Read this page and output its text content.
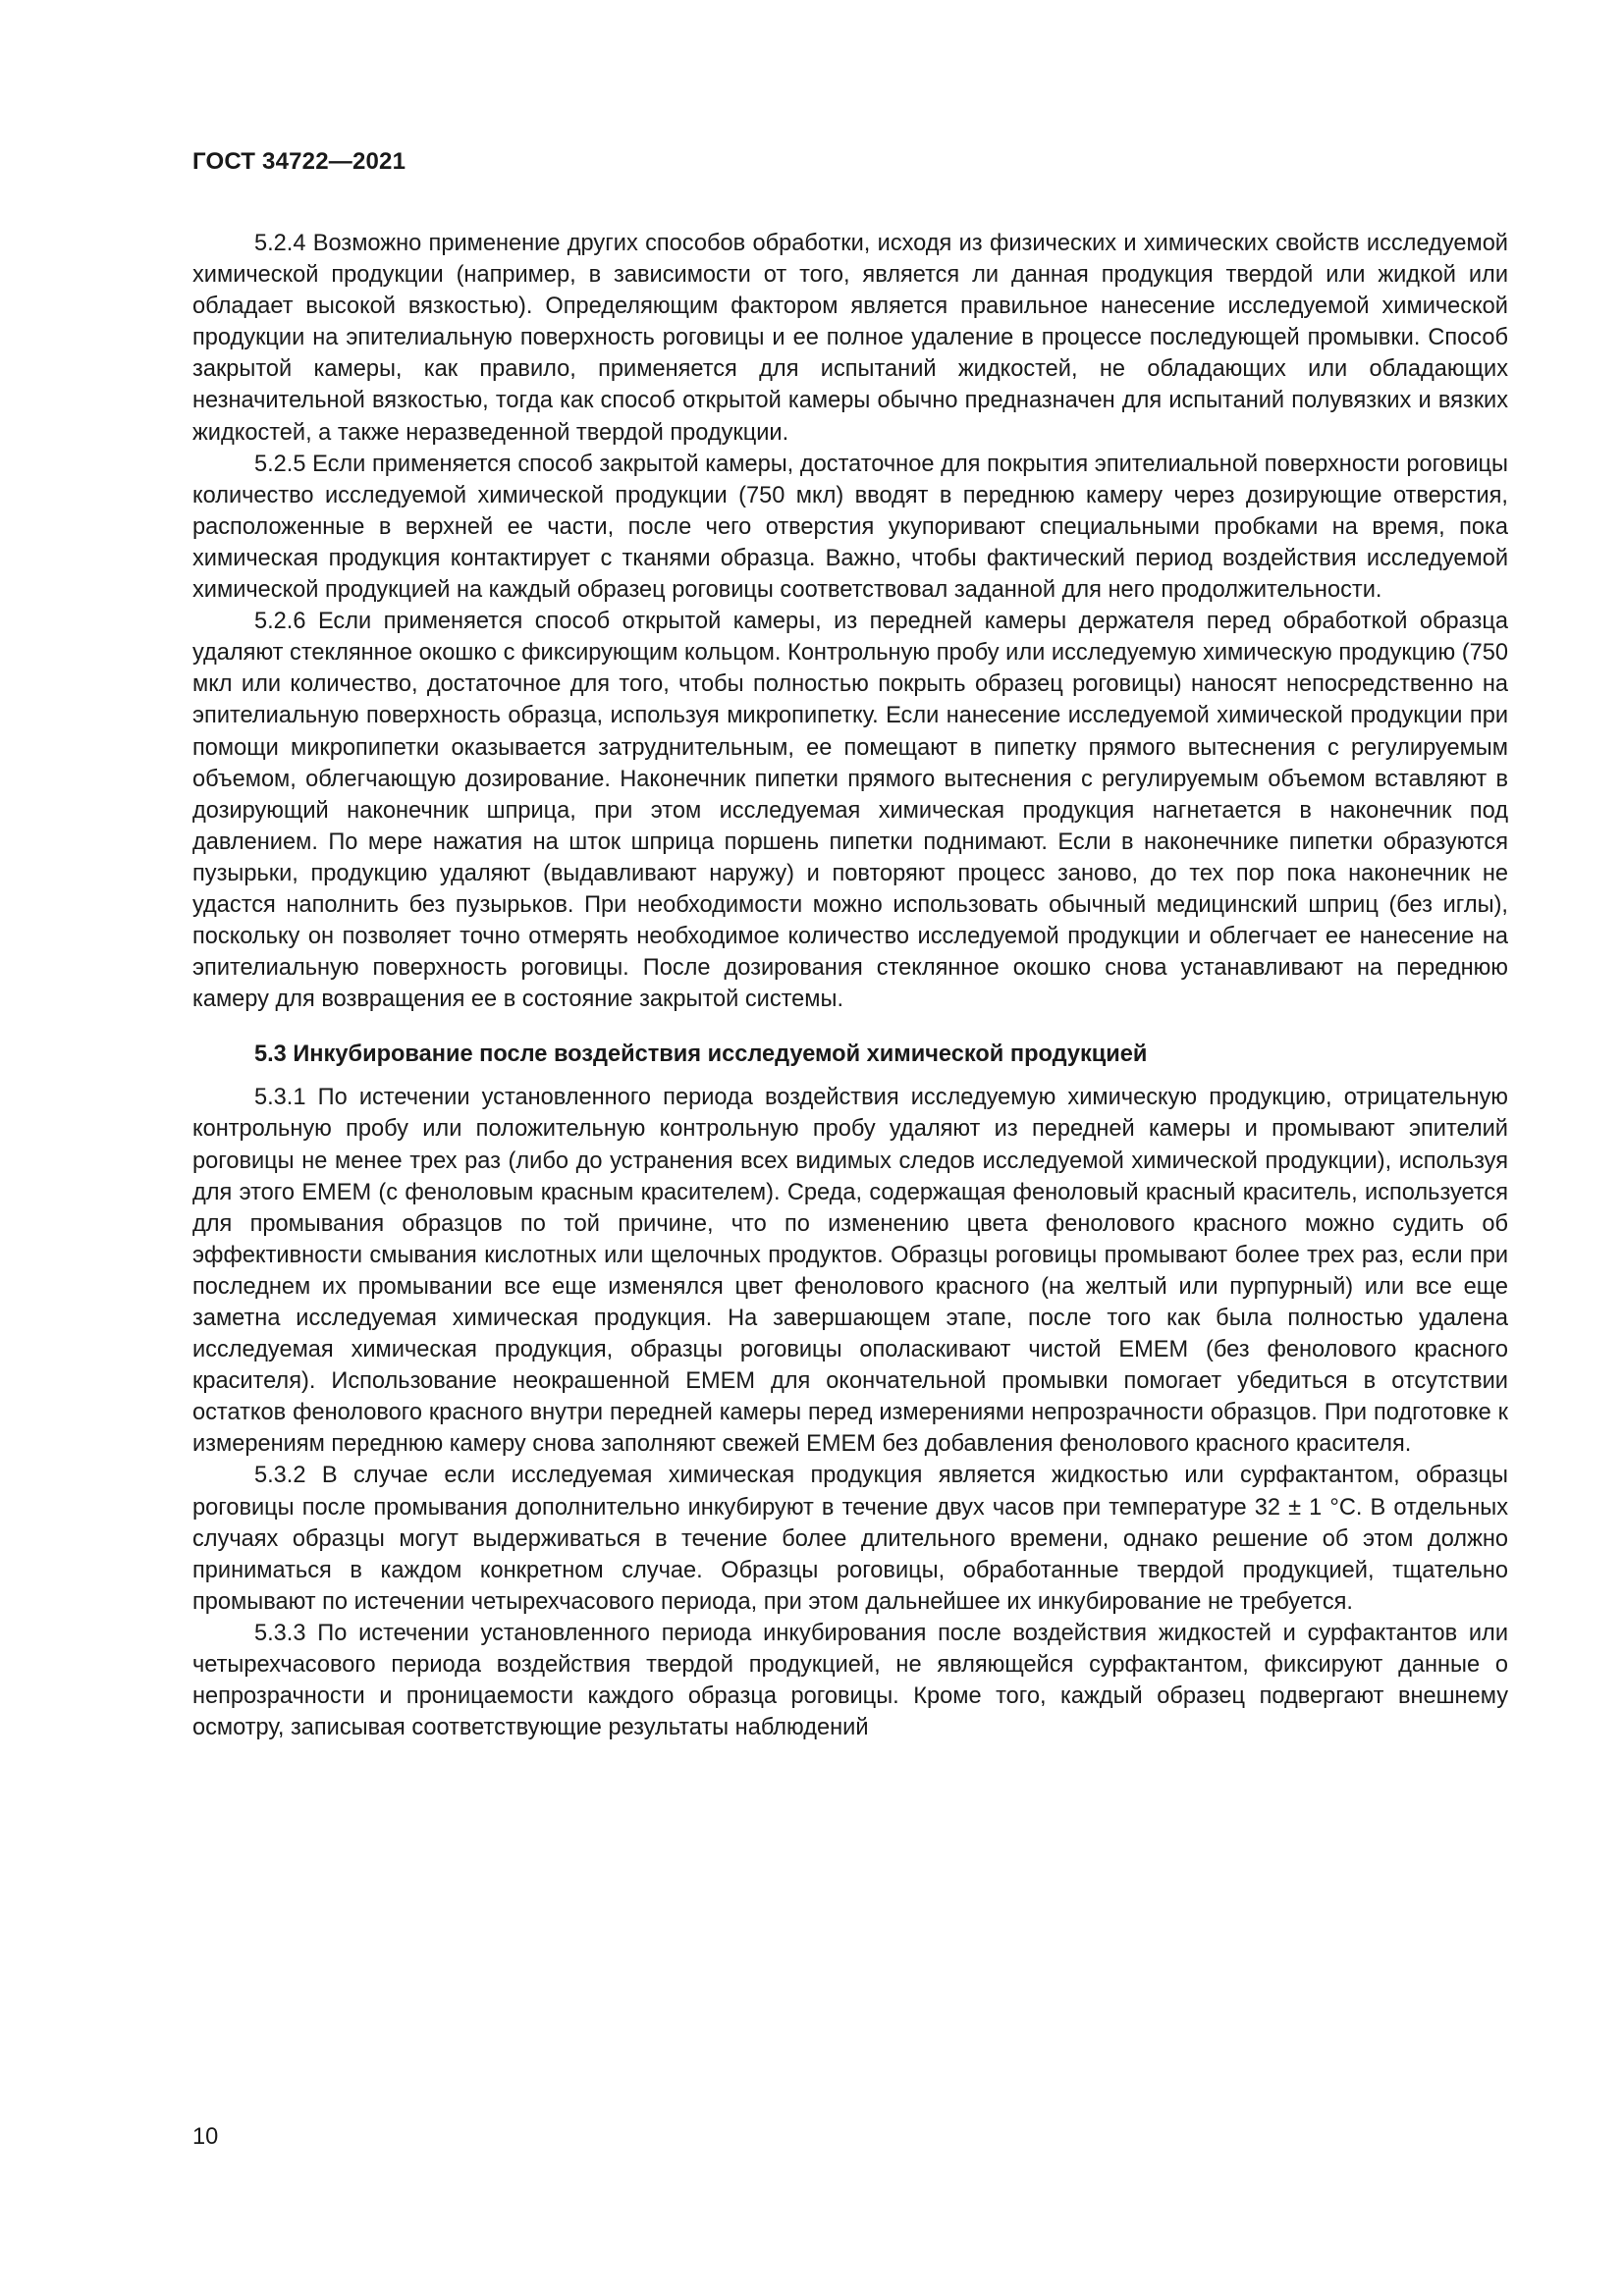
ГОСТ 34722—2021

5.2.4 Возможно применение других способов обработки, исходя из физических и химических свойств исследуемой химической продукции (например, в зависимости от того, является ли данная продукция твердой или жидкой или обладает высокой вязкостью). Определяющим фактором является правильное нанесение исследуемой химической продукции на эпителиальную поверхность роговицы и ее полное удаление в процессе последующей промывки. Способ закрытой камеры, как правило, применяется для испытаний жидкостей, не обладающих или обладающих незначительной вязкостью, тогда как способ открытой камеры обычно предназначен для испытаний полувязких и вязких жидкостей, а также неразведенной твердой продукции.

5.2.5 Если применяется способ закрытой камеры, достаточное для покрытия эпителиальной поверхности роговицы количество исследуемой химической продукции (750 мкл) вводят в переднюю камеру через дозирующие отверстия, расположенные в верхней ее части, после чего отверстия укупоривают специальными пробками на время, пока химическая продукция контактирует с тканями образца. Важно, чтобы фактический период воздействия исследуемой химической продукцией на каждый образец роговицы соответствовал заданной для него продолжительности.

5.2.6 Если применяется способ открытой камеры, из передней камеры держателя перед обработкой образца удаляют стеклянное окошко с фиксирующим кольцом. Контрольную пробу или исследуемую химическую продукцию (750 мкл или количество, достаточное для того, чтобы полностью покрыть образец роговицы) наносят непосредственно на эпителиальную поверхность образца, используя микропипетку. Если нанесение исследуемой химической продукции при помощи микропипетки оказывается затруднительным, ее помещают в пипетку прямого вытеснения с регулируемым объемом, облегчающую дозирование. Наконечник пипетки прямого вытеснения с регулируемым объемом вставляют в дозирующий наконечник шприца, при этом исследуемая химическая продукция нагнетается в наконечник под давлением. По мере нажатия на шток шприца поршень пипетки поднимают. Если в наконечнике пипетки образуются пузырьки, продукцию удаляют (выдавливают наружу) и повторяют процесс заново, до тех пор пока наконечник не удастся наполнить без пузырьков. При необходимости можно использовать обычный медицинский шприц (без иглы), поскольку он позволяет точно отмерять необходимое количество исследуемой продукции и облегчает ее нанесение на эпителиальную поверхность роговицы. После дозирования стеклянное окошко снова устанавливают на переднюю камеру для возвращения ее в состояние закрытой системы.

5.3 Инкубирование после воздействия исследуемой химической продукцией

5.3.1 По истечении установленного периода воздействия исследуемую химическую продукцию, отрицательную контрольную пробу или положительную контрольную пробу удаляют из передней камеры и промывают эпителий роговицы не менее трех раз (либо до устранения всех видимых следов исследуемой химической продукции), используя для этого ЕМЕМ (с феноловым красным красителем). Среда, содержащая феноловый красный краситель, используется для промывания образцов по той причине, что по изменению цвета фенолового красного можно судить об эффективности смывания кислотных или щелочных продуктов. Образцы роговицы промывают более трех раз, если при последнем их промывании все еще изменялся цвет фенолового красного (на желтый или пурпурный) или все еще заметна исследуемая химическая продукция. На завершающем этапе, после того как была полностью удалена исследуемая химическая продукция, образцы роговицы ополаскивают чистой ЕМЕМ (без фенолового красного красителя). Использование неокрашенной ЕМЕМ для окончательной промывки помогает убедиться в отсутствии остатков фенолового красного внутри передней камеры перед измерениями непрозрачности образцов. При подготовке к измерениям переднюю камеру снова заполняют свежей ЕМЕМ без добавления фенолового красного красителя.

5.3.2 В случае если исследуемая химическая продукция является жидкостью или сурфактантом, образцы роговицы после промывания дополнительно инкубируют в течение двух часов при температуре 32 ± 1 °С. В отдельных случаях образцы могут выдерживаться в течение более длительного времени, однако решение об этом должно приниматься в каждом конкретном случае. Образцы роговицы, обработанные твердой продукцией, тщательно промывают по истечении четырехчасового периода, при этом дальнейшее их инкубирование не требуется.

5.3.3 По истечении установленного периода инкубирования после воздействия жидкостей и сурфактантов или четырехчасового периода воздействия твердой продукцией, не являющейся сурфактантом, фиксируют данные о непрозрачности и проницаемости каждого образца роговицы. Кроме того, каждый образец подвергают внешнему осмотру, записывая соответствующие результаты наблюдений

10
